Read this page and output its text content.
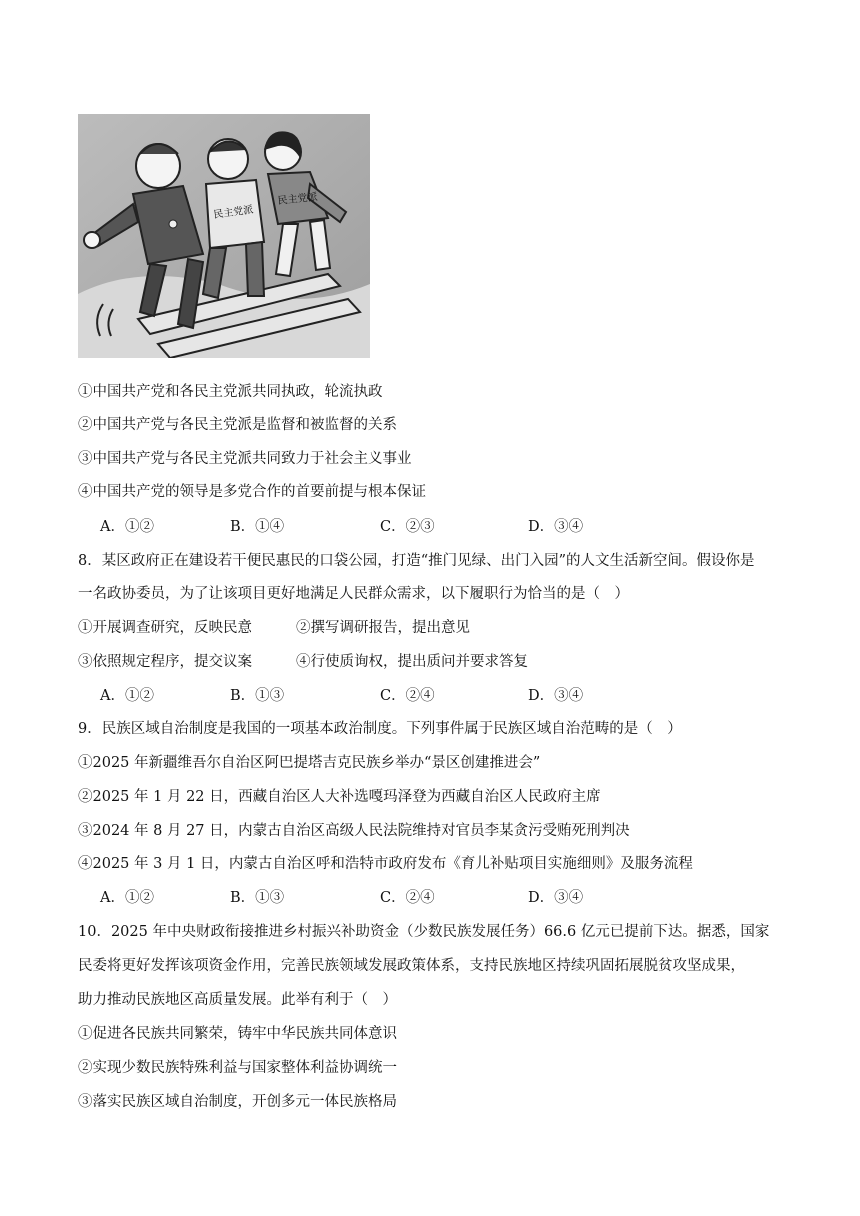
民主党派
民主党派
①中国共产党和各民主党派共同执政，轮流执政
②中国共产党与各民主党派是监督和被监督的关系
③中国共产党与各民主党派共同致力于社会主义事业
④中国共产党的领导是多党合作的首要前提与根本保证
A．①②	B．①④	C．②③	D．③④
8．某区政府正在建设若干便民惠民的口袋公园，打造“推门见绿、出门入园”的人文生活新空间。假设你是
一名政协委员，为了让该项目更好地满足人民群众需求，以下履职行为恰当的是（　）
①开展调查研究，反映民意	②撰写调研报告，提出意见
③依照规定程序，提交议案	④行使质询权，提出质问并要求答复
A．①②	B．①③	C．②④	D．③④
9．民族区域自治制度是我国的一项基本政治制度。下列事件属于民族区域自治范畴的是（　）
①2025 年新疆维吾尔自治区阿巴提塔吉克民族乡举办“景区创建推进会”
②2025 年 1 月 22 日，西藏自治区人大补选嘎玛泽登为西藏自治区人民政府主席
③2024 年 8 月 27 日，内蒙古自治区高级人民法院维持对官员李某贪污受贿死刑判决
④2025 年 3 月 1 日，内蒙古自治区呼和浩特市政府发布《育儿补贴项目实施细则》及服务流程
A．①②	B．①③	C．②④	D．③④
10．2025 年中央财政衔接推进乡村振兴补助资金（少数民族发展任务）66.6 亿元已提前下达。据悉，国家
民委将更好发挥该项资金作用，完善民族领域发展政策体系，支持民族地区持续巩固拓展脱贫攻坚成果，
助力推动民族地区高质量发展。此举有利于（　）
①促进各民族共同繁荣，铸牢中华民族共同体意识
②实现少数民族特殊利益与国家整体利益协调统一
③落实民族区域自治制度，开创多元一体民族格局
